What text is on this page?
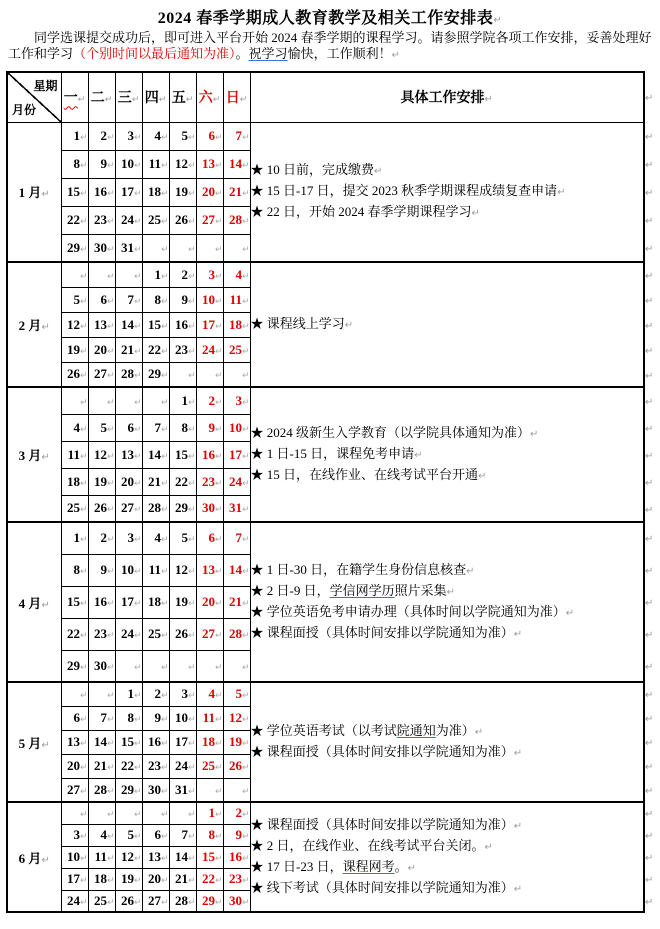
2024 春季学期成人教育教学及相关工作安排表↵

同学选课提交成功后，即可进入平台开始 2024 春季学期的课程学习。请参照学院各项工作安排，妥善处理好工作和学习（个别时间以最后通知为准）。祝学习愉快，工作顺利！↵

星期
月份	一↵	二↵	三↵	四↵	五↵	六↵	日↵	具体工作安排↵	↵
1 月↵	1↵	2↵	3↵	4↵	5↵	6↵	7↵	★ 10 日前，完成缴费↵
★ 15 日-17 日，提交 2023 秋季学期课程成绩复查申请↵
★ 22 日，开始 2024 春季学期课程学习↵	↵
	8↵	9↵	10↵	11↵	12↵	13↵	14↵		↵
	15↵	16↵	17↵	18↵	19↵	20↵	21↵		↵
	22↵	23↵	24↵	25↵	26↵	27↵	28↵		↵
	29↵	30↵	31↵	↵	↵	↵	↵		↵
2 月↵	↵	↵	↵	1↵	2↵	3↵	4↵	★ 课程线上学习↵	↵
	5↵	6↵	7↵	8↵	9↵	10↵	11↵		↵
	12↵	13↵	14↵	15↵	16↵	17↵	18↵		↵
	19↵	20↵	21↵	22↵	23↵	24↵	25↵		↵
	26↵	27↵	28↵	29↵	↵	↵	↵		↵
3 月↵	↵	↵	↵	↵	1↵	2↵	3↵	★ 2024 级新生入学教育（以学院具体通知为准）↵
★ 1 日-15 日，课程免考申请↵
★ 15 日，在线作业、在线考试平台开通↵	↵
	4↵	5↵	6↵	7↵	8↵	9↵	10↵		↵
	11↵	12↵	13↵	14↵	15↵	16↵	17↵		↵
	18↵	19↵	20↵	21↵	22↵	23↵	24↵		↵
	25↵	26↵	27↵	28↵	29↵	30↵	31↵		↵
4 月↵	1↵	2↵	3↵	4↵	5↵	6↵	7↵	★ 1 日-30 日，在籍学生身份信息核查↵
★ 2 日-9 日，学信网学历照片采集↵
★ 学位英语免考申请办理（具体时间以学院通知为准）↵
★ 课程面授（具体时间安排以学院通知为准）↵	↵
	8↵	9↵	10↵	11↵	12↵	13↵	14↵		↵
	15↵	16↵	17↵	18↵	19↵	20↵	21↵		↵
	22↵	23↵	24↵	25↵	26↵	27↵	28↵		↵
	29↵	30↵	↵	↵	↵	↵	↵		↵
5 月↵	↵	↵	1↵	2↵	3↵	4↵	5↵	★ 学位英语考试（以考试院通知为准）↵
★ 课程面授（具体时间安排以学院通知为准）↵	↵
	6↵	7↵	8↵	9↵	10↵	11↵	12↵		↵
	13↵	14↵	15↵	16↵	17↵	18↵	19↵		↵
	20↵	21↵	22↵	23↵	24↵	25↵	26↵		↵
	27↵	28↵	29↵	30↵	31↵	↵	↵		↵
6 月↵	↵	↵	↵	↵	↵	1↵	2↵	★ 课程面授（具体时间安排以学院通知为准）↵
★ 2 日，在线作业、在线考试平台关闭。↵
★ 17 日-23 日，课程网考。↵
★ 线下考试（具体时间安排以学院通知为准）↵	↵
	3↵	4↵	5↵	6↵	7↵	8↵	9↵		↵
	10↵	11↵	12↵	13↵	14↵	15↵	16↵		↵
	17↵	18↵	19↵	20↵	21↵	22↵	23↵		↵
	24↵	25↵	26↵	27↵	28↵	29↵	30↵		↵
